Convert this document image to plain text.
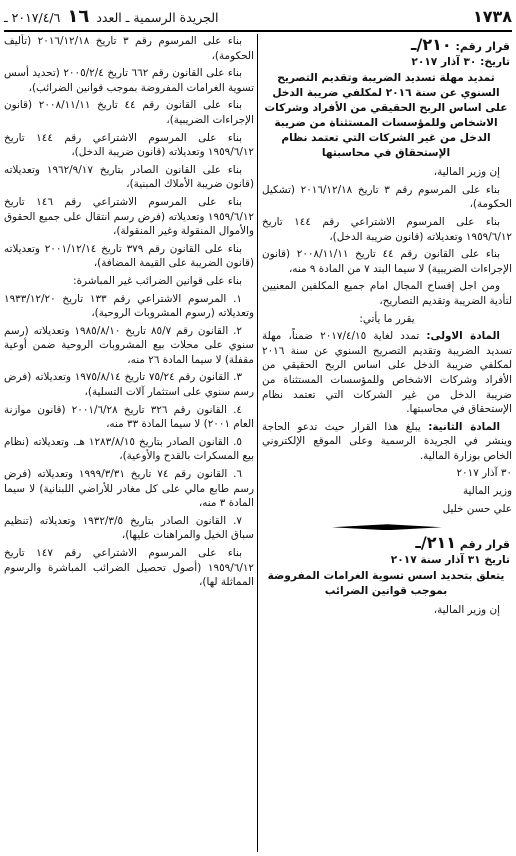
١٧٣٨
الجريدة الرسمية ـ العدد ١٦ ٢٠١٧/٤/٦ ـ
قرار رقم: ٢١٠/ـ
تاريخ: ٣٠ آذار ٢٠١٧
تمديد مهلة تسديد الضريبة وتقديم التصريح السنوي عن سنة ٢٠١٦ لمكلفي ضريبة الدخل على اساس الربح الحقيقي من الأفراد وشركات الاشخاص وللمؤسسات المستثناة من ضريبة الدخل من غير الشركات التي تعتمد نظام الإستحقاق في محاسبتها

إن وزير المالية،

بناء على المرسوم رقم ٣ تاريخ ٢٠١٦/١٢/١٨ (تشكيل الحكومة)،

بناء على المرسوم الاشتراعي رقم ١٤٤ تاريخ ١٩٥٩/٦/١٢ وتعديلاته (قانون ضريبة الدخل)،

بناء على القانون رقم ٤٤ تاريخ ٢٠٠٨/١١/١١ (قانون الإجراءات الضريبية) لا سيما البند ٧ من المادة ٩ منه،

ومن اجل إفساح المجال امام جميع المكلفين المعنيين لتأدية الضريبة وتقديم التصاريح،

يقرر ما يأتي:

المادة الاولى: تمدد لغاية ٢٠١٧/٤/١٥ ضمناً، مهلة تسديد الضريبة وتقديم التصريح السنوي عن سنة ٢٠١٦ لمكلفي ضريبة الدخل على اساس الربح الحقيقي من الأفراد وشركات الاشخاص وللمؤسسات المستثناة من ضريبة الدخل من غير الشركات التي تعتمد نظام الإستحقاق في محاسبتها.

المادة الثانية: يبلغ هذا القرار حيث تدعو الحاجة وينشر في الجريدة الرسمية وعلى الموقع الإلكتروني الخاص بوزارة المالية.

٣٠ آذار ٢٠١٧

وزير المالية

علي حسن خليل

قرار رقم ٢١١/ـ
تاريخ ٣١ آذار سنة ٢٠١٧
يتعلق بتحديد اسس تسوية الغرامات المفروضة بموجب قوانين الضرائب

إن وزير المالية،

بناء على المرسوم رقم ٣ تاريخ ٢٠١٦/١٢/١٨ (تأليف الحكومة)،

بناء على القانون رقم ٦٦٢ تاريخ ٢٠٠٥/٢/٤ (تحديد أسس تسوية الغرامات المفروضة بموجب قوانين الضرائب)،

بناء على القانون رقم ٤٤ تاريخ ٢٠٠٨/١١/١١ (قانون الإجراءات الضريبية)،

بناء على المرسوم الاشتراعي رقم ١٤٤ تاريخ ١٩٥٩/٦/١٢ وتعديلاته (قانون ضريبة الدخل)،

بناء على القانون الصادر بتاريخ ١٩٦٢/٩/١٧ وتعديلاته (قانون ضريبة الأملاك المبنية)،

بناء على المرسوم الاشتراعي رقم ١٤٦ تاريخ ١٩٥٩/٦/١٢ وتعديلاته (فرض رسم انتقال على جميع الحقوق والأموال المنقولة وغير المنقولة)،

بناء على القانون رقم ٣٧٩ تاريخ ٢٠٠١/١٢/١٤ وتعديلاته (قانون الضريبة على القيمة المضافة)،

بناء على قوانين الضرائب غير المباشرة:

١. المرسوم الاشتراعي رقم ١٣٣ تاريخ ١٩٣٣/١٢/٢٠ وتعديلاته (رسوم المشروبات الروحية)،

٢. القانون رقم ٨٥/٧ تاريخ ١٩٨٥/٨/١٠ وتعديلاته (رسم سنوي على محلات بيع المشروبات الروحية ضمن أوعية مقفلة) لا سيما المادة ٢٦ منه،

٣. القانون رقم ٧٥/٢٤ تاريخ ١٩٧٥/٨/١٤ وتعديلاته (فرض رسم سنوي على استثمار آلات التسلية)،

٤. القانون رقم ٣٢٦ تاريخ ٢٠٠١/٦/٢٨ (قانون موازنة العام ٢٠٠١) لا سيما المادة ٣٣ منه،

٥. القانون الصادر بتاريخ ١٢٨٣/٨/١٥ هـ. وتعديلاته (نظام بيع المسكرات بالقدح والأوعية)،

٦. القانون رقم ٧٤ تاريخ ١٩٩٩/٣/٣١ وتعديلاته (فرض رسم طابع مالي على كل مغادر للأراضي اللبنانية) لا سيما المادة ٣ منه،

٧. القانون الصادر بتاريخ ١٩٣٢/٣/٥ وتعديلاته (تنظيم سباق الخيل والمراهنات عليها)،

بناء على المرسوم الاشتراعي رقم ١٤٧ تاريخ ١٩٥٩/٦/١٢ (أصول تحصيل الضرائب المباشرة والرسوم المماثلة لها)،
